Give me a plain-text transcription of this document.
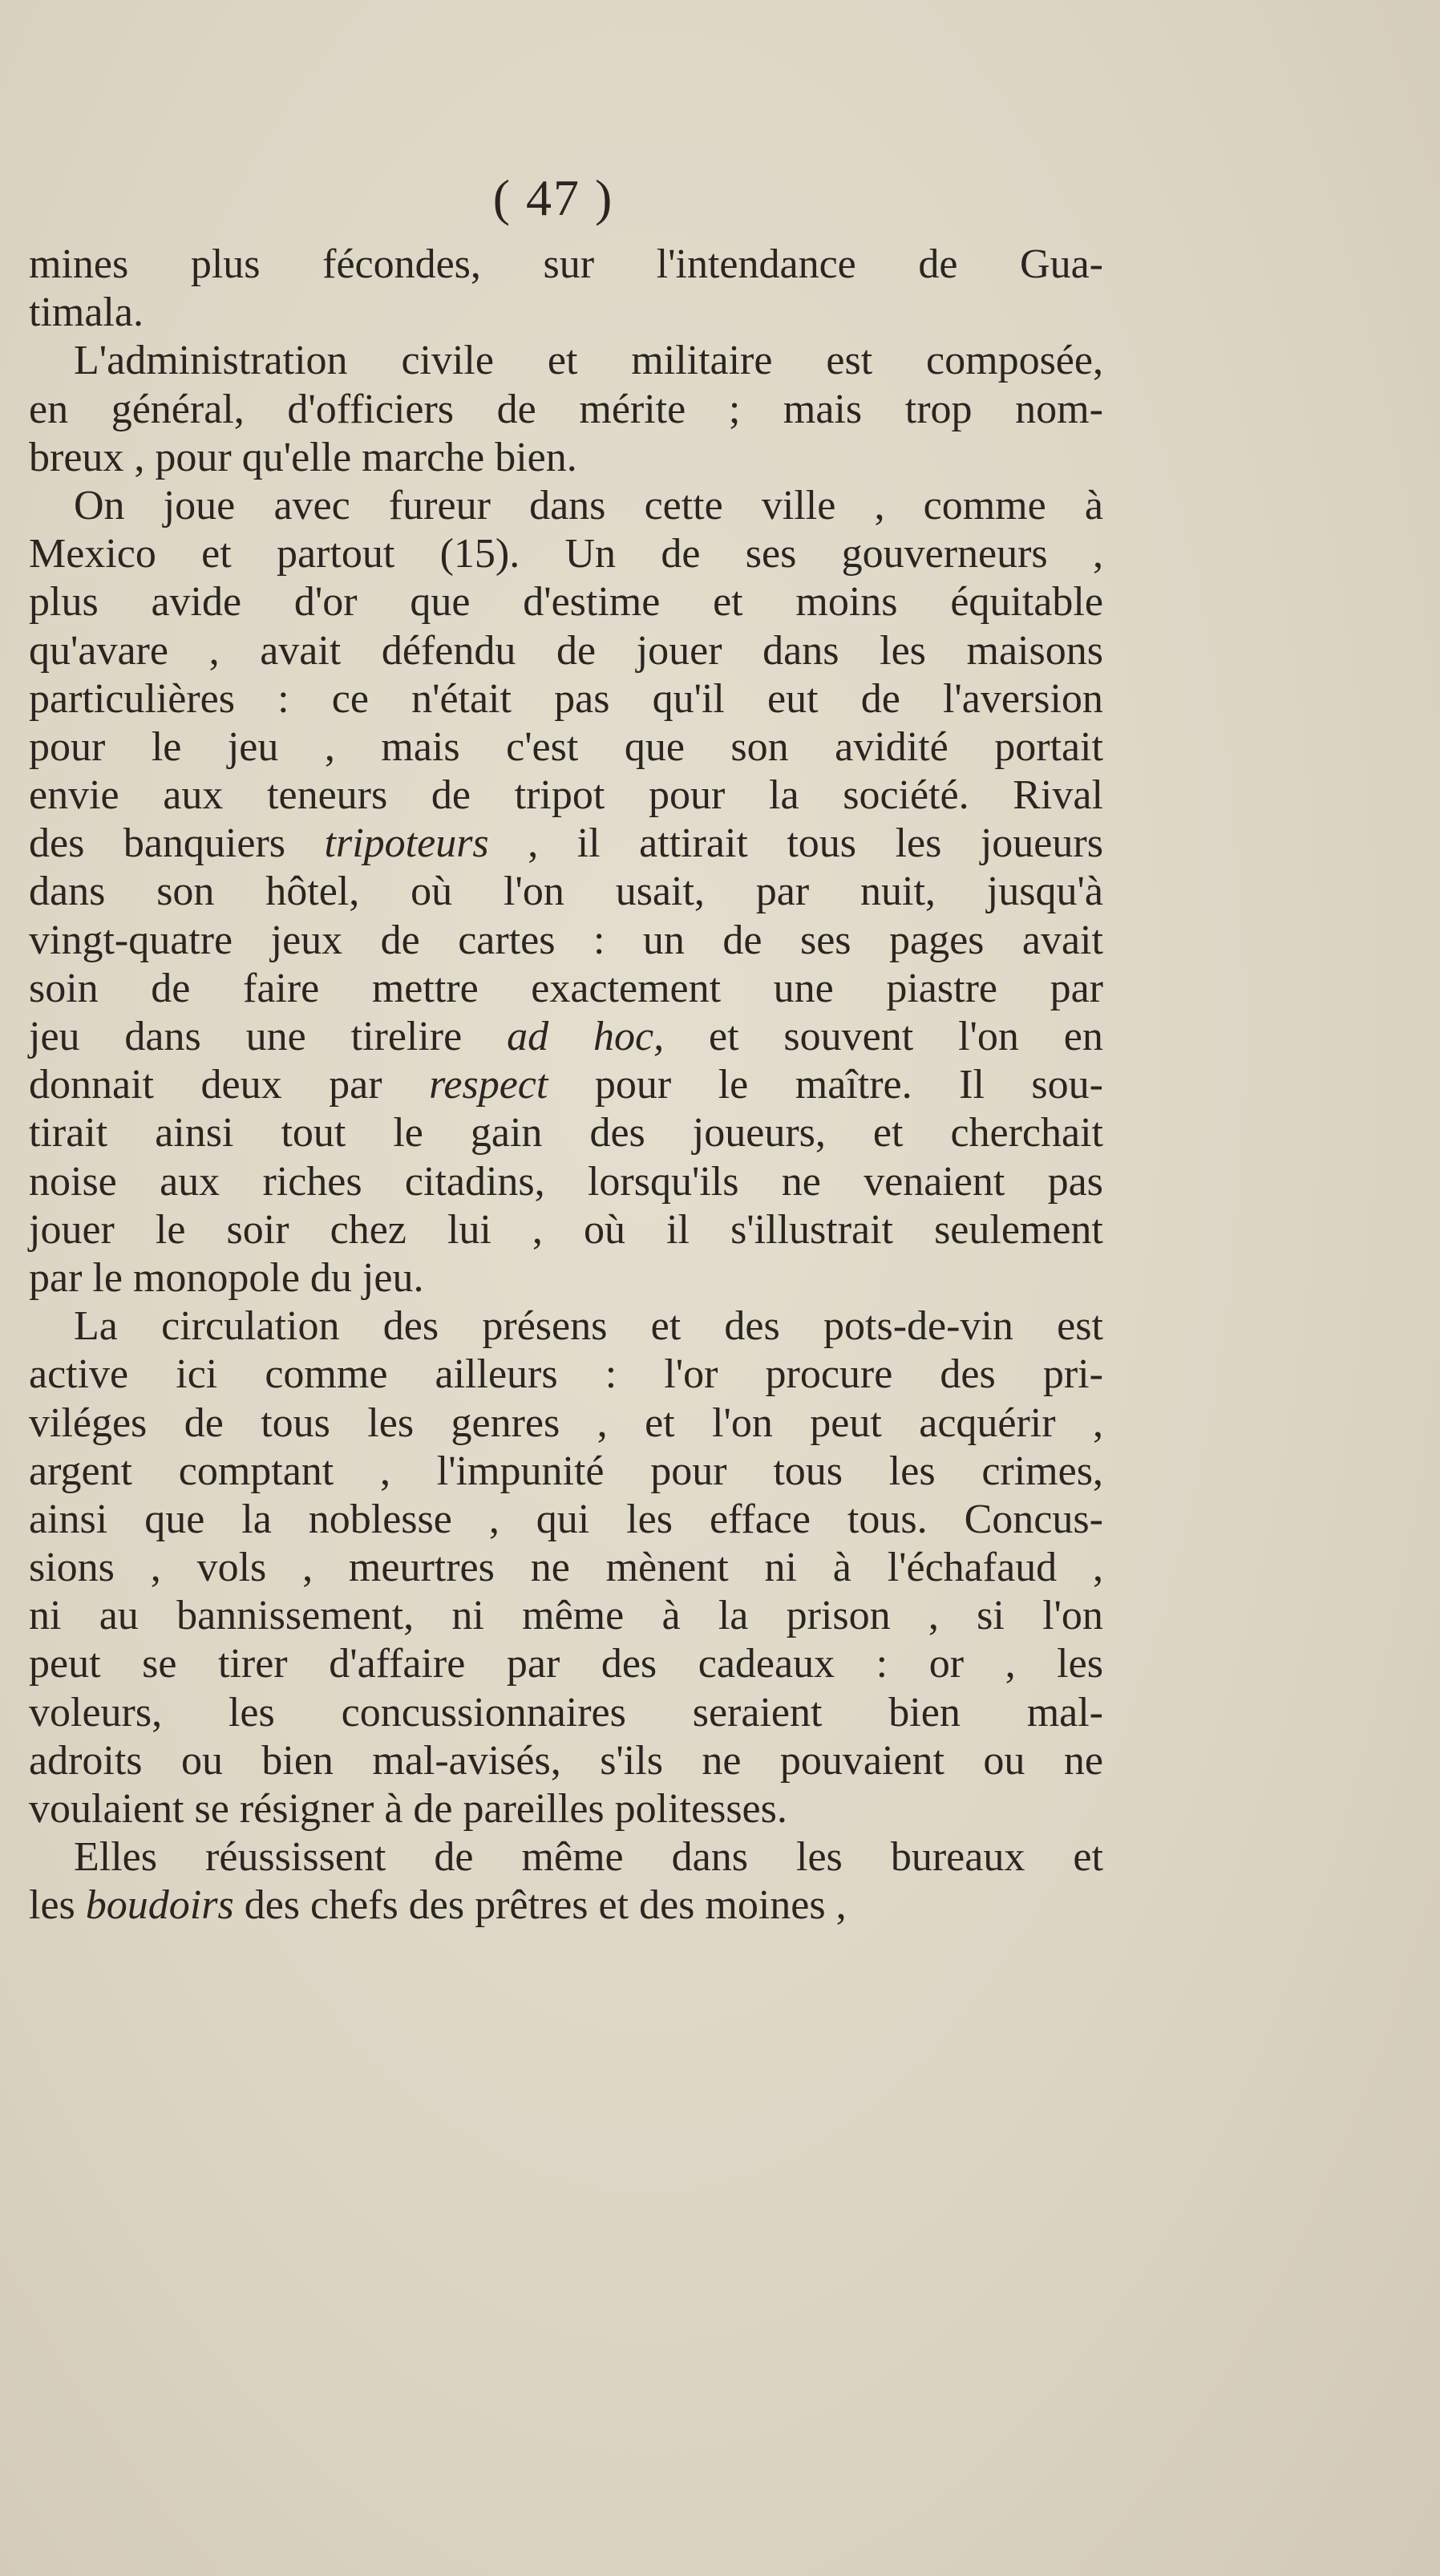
( 47 )
mines plus fécondes, sur l'intendance de Gua-
timala.
L'administration civile et militaire est composée,
en général, d'officiers de mérite ; mais trop nom-
breux , pour qu'elle marche bien.
On joue avec fureur dans cette ville , comme à
Mexico et partout (15). Un de ses gouverneurs ,
plus avide d'or que d'estime et moins équitable
qu'avare , avait défendu de jouer dans les maisons
particulières : ce n'était pas qu'il eut de l'aversion
pour le jeu , mais c'est que son avidité portait
envie aux teneurs de tripot pour la société. Rival
des banquiers tripoteurs , il attirait tous les joueurs
dans son hôtel, où l'on usait, par nuit, jusqu'à
vingt-quatre jeux de cartes : un de ses pages avait
soin de faire mettre exactement une piastre par
jeu dans une tirelire ad hoc, et souvent l'on en
donnait deux par respect pour le maître. Il sou-
tirait ainsi tout le gain des joueurs, et cherchait
noise aux riches citadins, lorsqu'ils ne venaient pas
jouer le soir chez lui , où il s'illustrait seulement
par le monopole du jeu.
La circulation des présens et des pots-de-vin est
active ici comme ailleurs : l'or procure des pri-
viléges de tous les genres , et l'on peut acquérir ,
argent comptant , l'impunité pour tous les crimes,
ainsi que la noblesse , qui les efface tous. Concus-
sions , vols , meurtres ne mènent ni à l'échafaud ,
ni au bannissement, ni même à la prison , si l'on
peut se tirer d'affaire par des cadeaux : or , les
voleurs, les concussionnaires seraient bien mal-
adroits ou bien mal-avisés, s'ils ne pouvaient ou ne
voulaient se résigner à de pareilles politesses.
Elles réussissent de même dans les bureaux et
les boudoirs des chefs des prêtres et des moines ,
